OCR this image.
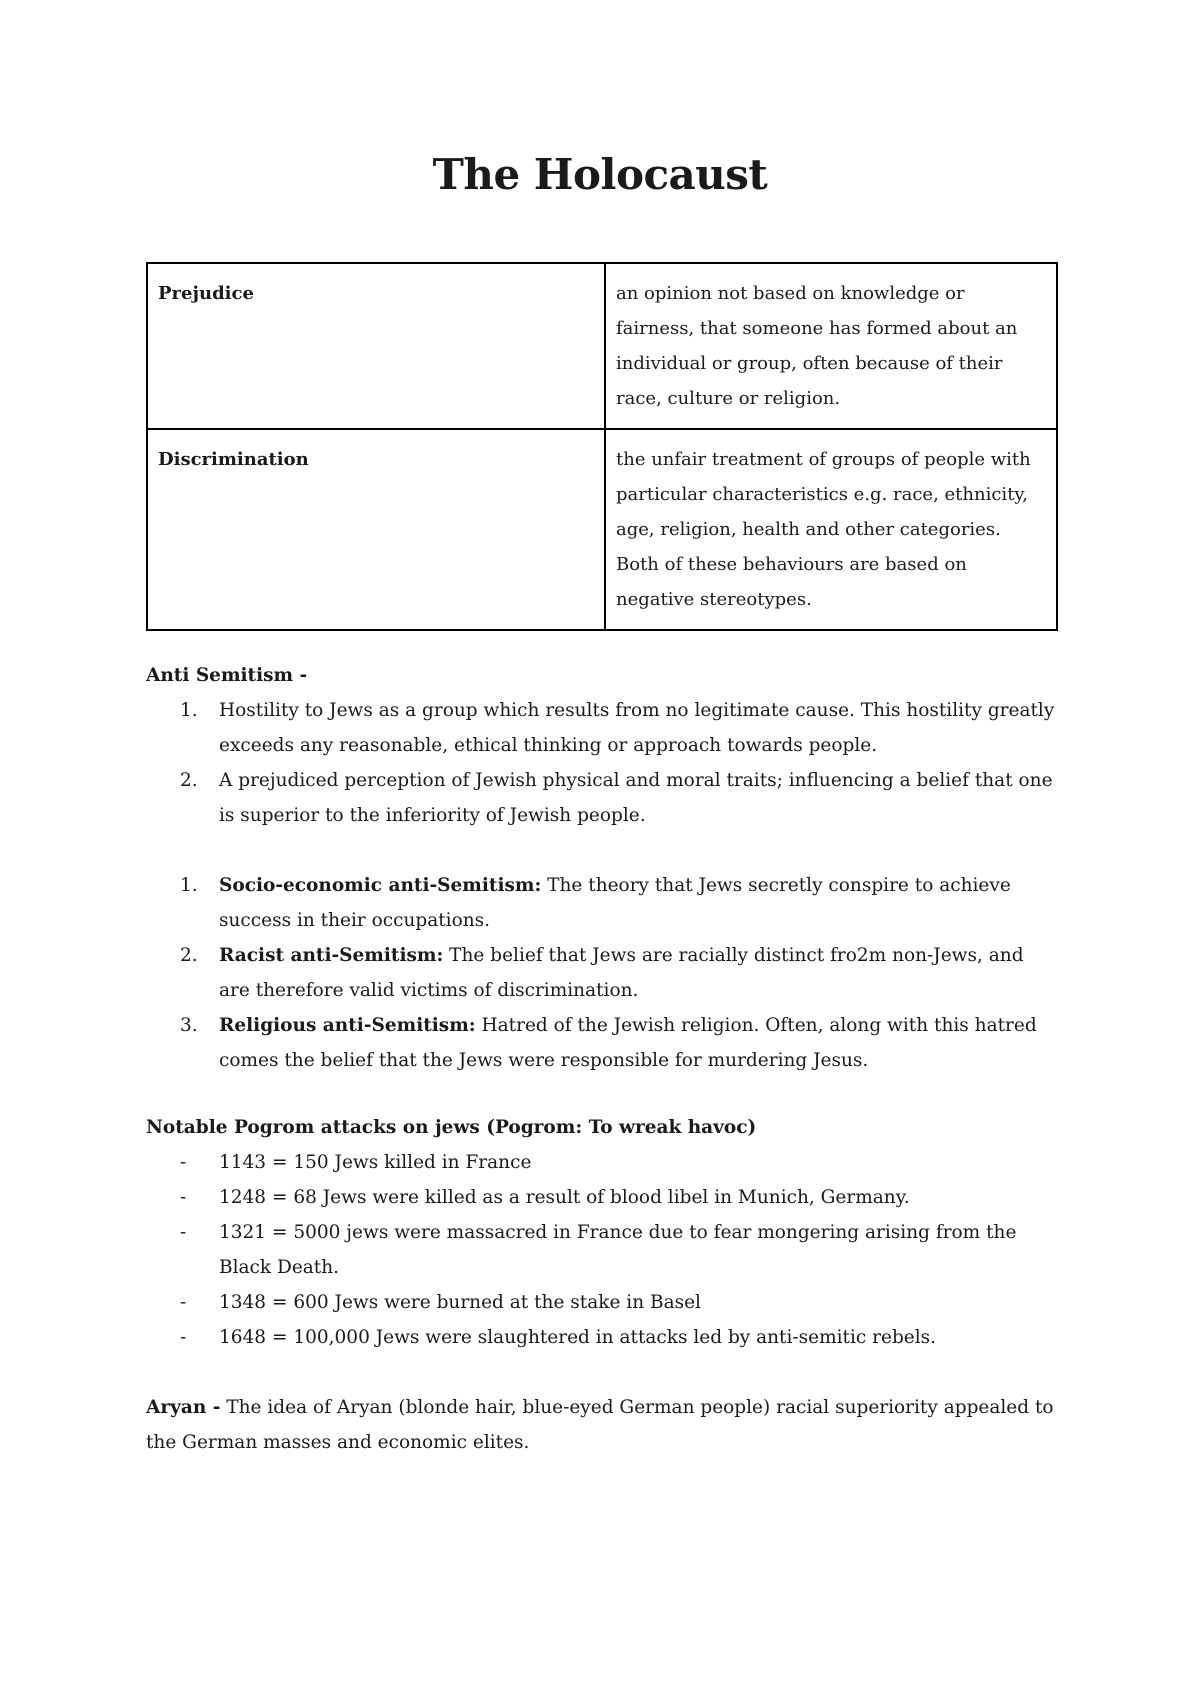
The Holocaust
Prejudice	an opinion not based on knowledge or fairness, that someone has formed about an individual or group, often because of their race, culture or religion.
Discrimination	the unfair treatment of groups of people with particular characteristics e.g. race, ethnicity, age, religion, health and other categories. Both of these behaviours are based on negative stereotypes.

Anti Semitism -

1.	Hostility to Jews as a group which results from no legitimate cause. This hostility greatly exceeds any reasonable, ethical thinking or approach towards people.
2.	A prejudiced perception of Jewish physical and moral traits; influencing a belief that one is superior to the inferiority of Jewish people.
1.	Socio-economic anti-Semitism: The theory that Jews secretly conspire to achieve success in their occupations.
2.	Racist anti-Semitism: The belief that Jews are racially distinct fro2m non-Jews, and are therefore valid victims of discrimination.
3.	Religious anti-Semitism: Hatred of the Jewish religion. Often, along with this hatred comes the belief that the Jews were responsible for murdering Jesus.

Notable Pogrom attacks on jews (Pogrom: To wreak havoc)

-	1143 = 150 Jews killed in France
-	1248 = 68 Jews were killed as a result of blood libel in Munich, Germany.
-	1321 = 5000 jews were massacred in France due to fear mongering arising from the Black Death.
-	1348 = 600 Jews were burned at the stake in Basel
-	1648 = 100,000 Jews were slaughtered in attacks led by anti-semitic rebels.
Aryan - The idea of Aryan (blonde hair, blue-eyed German people) racial superiority appealed to the German masses and economic elites.
